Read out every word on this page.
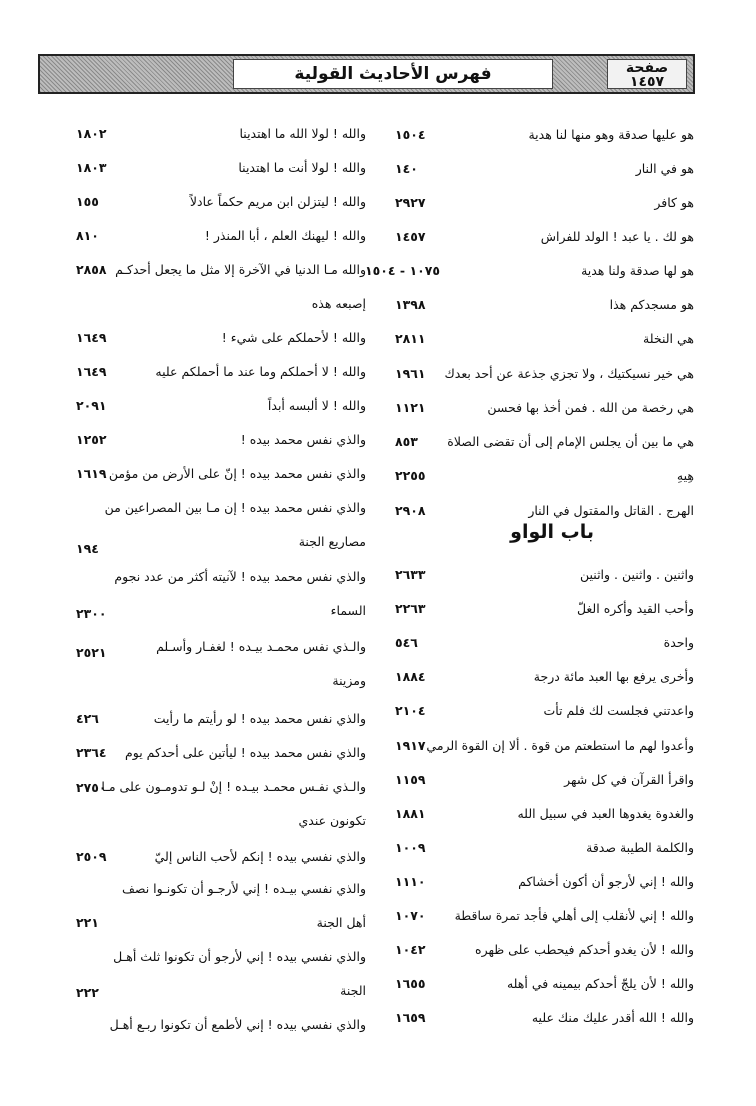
فهرس الأحاديث القولية	صفحة
١٤٥٧
باب الواو
هو عليها صدقة وهو منها لنا هدية
١٥٠٤
هو في النار
١٤٠
هو كافر
٢٩٢٧
هو لك . يا عبد ! الولد للفراش
١٤٥٧
هو لها صدقة ولنا هدية
١٠٧٥ - ١٥٠٤
هو مسجدكم هذا
١٣٩٨
هي النخلة
٢٨١١
هي خير نسيكتيك ، ولا تجزي جذعة عن أحد بعدك
١٩٦١
هي رخصة من الله . فمن أخذ بها فحسن
١١٢١
هي ما بين أن يجلس الإمام إلى أن تقضى الصلاة
٨٥٣
هِيهِ
٢٢٥٥
الهرج . القاتل والمقتول في النار
٢٩٠٨
واثنين . واثنين . واثنين
٢٦٣٣
وأحب القيد وأكره الغلّ
٢٢٦٣
واحدة
٥٤٦
وأخرى يرفع بها العبد مائة درجة
١٨٨٤
واعدتني فجلست لك فلم تأت
٢١٠٤
وأعدوا لهم ما استطعتم من قوة . ألا إن القوة الرمي
١٩١٧
واقرأ القرآن في كل شهر
١١٥٩
والغدوة يغدوها العبد في سبيل الله
١٨٨١
والكلمة الطيبة صدقة
١٠٠٩
والله ! إني لأرجو أن أكون أخشاكم
١١١٠
والله ! إني لأنقلب إلى أهلي فأجد تمرة ساقطة
١٠٧٠
والله ! لأن يغدو أحدكم فيحطب على ظهره
١٠٤٢
والله ! لأن يلجّ أحدكم بيمينه في أهله
١٦٥٥
والله ! الله أقدر عليك منك عليه
١٦٥٩
والله ! لولا الله ما اهتدينا
١٨٠٢
والله ! لولا أنت ما اهتدينا
١٨٠٣
والله ! ليتزلن ابن مريم حكماً عادلاً
١٥٥
والله ! ليهنك العلم ، أبا المنذر !
٨١٠
والله مـا الدنيا في الآخرة إلا مثل ما يجعل أحدكـم
إصبعه هذه
٢٨٥٨
والله ! لأحملكم على شيء !
١٦٤٩
والله ! لا أحملكم وما عند ما أحملكم عليه
١٦٤٩
والله ! لا ألبسه أبداً
٢٠٩١
والذي نفس محمد بيده !
١٢٥٢
والذي نفس محمد بيده ! إنّ على الأرض من مؤمن
١٦١٩
والذي نفس محمد بيده ! إن مـا بين المصراعين من
مصاريع الجنة
١٩٤
والذي نفس محمد بيده ! لآنيته أكثر من عدد نجوم
السماء
٢٣٠٠
والـذي نفس محمـد بيـده ! لغفـار وأسـلم
ومزينة
٢٥٢١
والذي نفس محمد بيده ! لو رأيتم ما رأيت
٤٢٦
والذي نفس محمد بيده ! ليأتين على أحدكم يوم
٢٣٦٤
والـذي نفـس محمـد بيـده ! إنْ لـو تدومـون على مـا
تكونون عندي
٢٧٥٠
والذي نفسي بيده ! إنكم لأحب الناس إليّ
٢٥٠٩
والذي نفسي بيـده ! إني لأرجـو أن تكونـوا نصف
أهل الجنة
٢٢١
والذي نفسي بيده ! إني لأرجو أن تكونوا ثلث أهـل
الجنة
٢٢٢
والذي نفسي بيده ! إني لأطمع أن تكونوا ربـع أهـل
